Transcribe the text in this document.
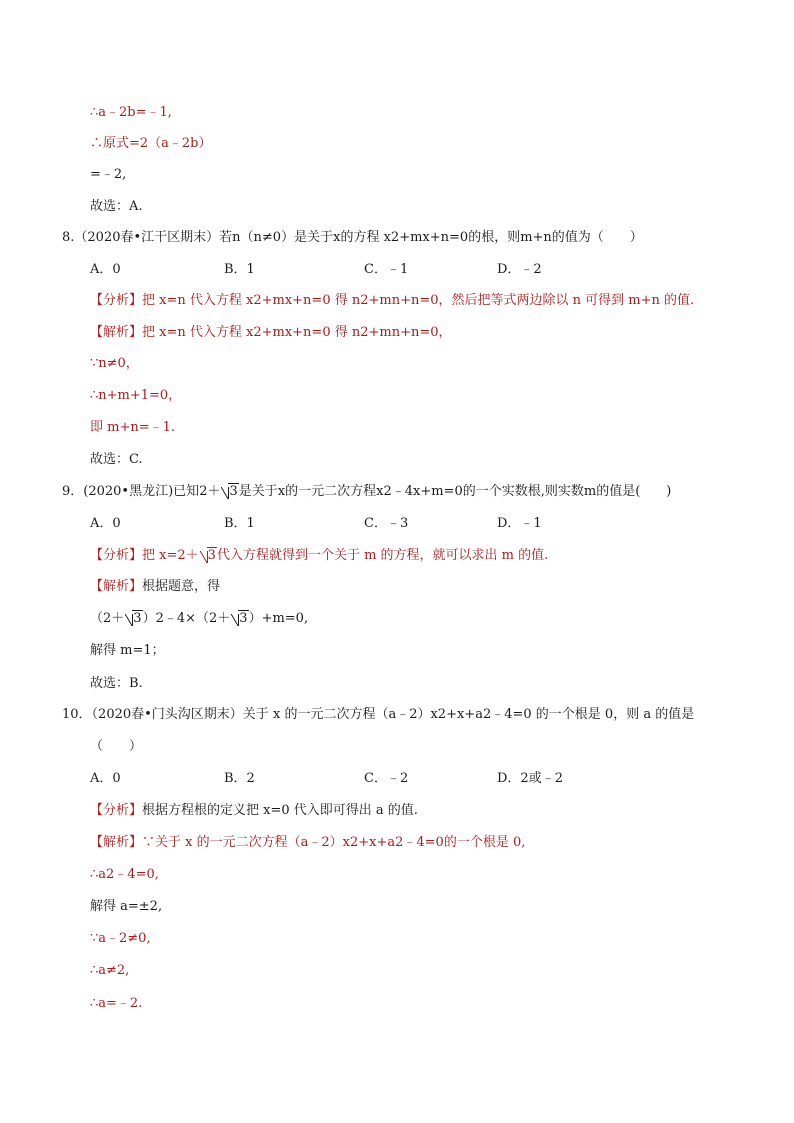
∴a﹣2b=﹣1,
∴原式=2（a﹣2b）
=﹣2,
故选：A.
8.（2020春•江干区期末）若n（n≠0）是关于x的方程 x2+mx+n=0的根，则m+n的值为（　　）
A．0	B．1	C．﹣1	D．﹣2
【分析】把 x=n 代入方程 x2+mx+n=0 得 n2+mn+n=0，然后把等式两边除以 n 可得到 m+n 的值.
【解析】把 x=n 代入方程 x2+mx+n=0 得 n2+mn+n=0，
∵n≠0，
∴n+m+1=0，
即 m+n=﹣1.
故选：C.
9．(2020•黑龙江)已知2＋ 3是关于x的一元二次方程x2﹣4x+m=0的一个实数根,则实数m的值是(　　)
A．0	B．1	C．﹣3	D．﹣1
【分析】把 x=2＋ 3代入方程就得到一个关于 m 的方程，就可以求出 m 的值.
【解析】根据题意，得
（2＋ 3）2﹣4×（2＋ 3）+m=0,
解得 m=1；
故选：B.
10．（2020春•门头沟区期末）关于 x 的一元二次方程（a﹣2）x2+x+a2﹣4=0 的一个根是 0，则 a 的值是
（　　）
A．0	B．2	C．﹣2	D．2或﹣2
【分析】根据方程根的定义把 x=0 代入即可得出 a 的值.
【解析】∵关于 x 的一元二次方程（a﹣2）x2+x+a2﹣4=0的一个根是 0,
∴a2﹣4=0,
解得 a=±2,
∵a﹣2≠0,
∴a≠2,
∴a=﹣2.
